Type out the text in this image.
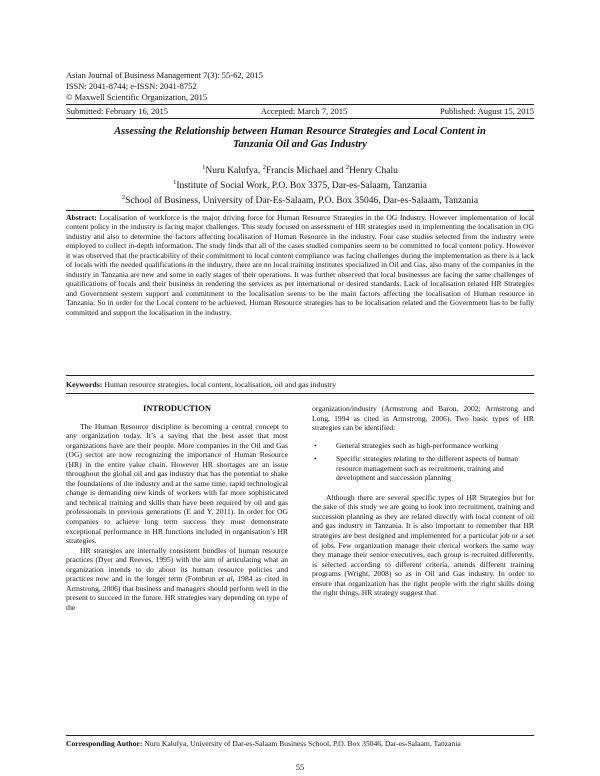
Asian Journal of Business Management 7(3): 55-62, 2015
ISSN: 2041-8744; e-ISSN: 2041-8752
© Maxwell Scientific Organization, 2015
Submitted: February 16, 2015	Accepted: March 7, 2015	Published: August 15, 2015
Assessing the Relationship between Human Resource Strategies and Local Content in
Tanzania Oil and Gas Industry
$^1$Nuru Kalufya, $^2$Francis Michael and $^2$Henry Chalu
$^1$Institute of Social Work, P.O. Box 3375, Dar-es-Salaam, Tanzania
$^2$School of Business, University of Dar-Es-Salaam, P.O. Box 35046, Dar-es-Salaam, Tanzania
Abstract: Localisation of workforce is the major driving force for Human Resource Strategies in the OG Industry. However implementation of local content policy in the industry is facing major challenges. This study focused on assessment of HR strategies used in implementing the localisation in OG industry and also to determine the factors affecting localisation of Human Resource in the industry. Four case studies selected from the industry were employed to collect in-depth information. The study finds that all of the cases studied companies seem to be committed to local content policy. However it was observed that the practicability of their commitment to local content compliance was facing challenges during the implementation as there is a lack of locals with the needed qualifications in the industry, there are no local training institutes specialized in Oil and Gas, also many of the companies in the industry in Tanzania are new and some in early stages of their operations. It was further observed that local businesses are facing the same challenges of qualifications of locals and their business in rendering the services as per international or desired standards. Lack of localisation related HR Strategies and Government system support and commitment to the localisation seems to be the main factors affecting the localisation of Human resource in Tanzania. So in order for the Local content to be achieved, Human Resource strategies has to be localisation related and the Government has to be fully committed and support the localisation in the industry.
Keywords: Human resource strategies, local content, localisation, oil and gas industry
INTRODUCTION

The Human Resource discipline is becoming a central concept to any organization today. It’s a saying that the best asset that most organizations have are their people. More companies in the Oil and Gas (OG) sector are now recognizing the importance of Human Resource (HR) in the entire value chain. However HR shortages are an issue throughout the global oil and gas industry that has the potential to shake the foundations of the industry and at the same time, rapid technological change is demanding new kinds of workers with far more sophisticated and technical training and skills than have been required by oil and gas professionals in previous generations (E and Y, 2011). In order for OG companies to achieve long term success they must demonstrate exceptional performance in HR functions included in organisation’s HR strategies.

HR strategies are internally consistent bundles of human resource practices (Dyer and Reeves, 1995) with the aim of articulating what an organization intends to do about its human resource policies and practices now and in the longer term (Fombrun et al, 1984 as cited in Armstrong, 2006) that business and managers should perform well in the present to succeed in the future. HR strategies vary depending on type of the

organization/industry (Armstrong and Baron, 2002; Armstrong and Long, 1994 as cited in Armstrong, 2006). Two basic types of HR strategies can be identified:

•	General strategies such as high-performance working
•	Specific strategies relating to the different aspects of human resource management such as recruitment, training and development and succession planning

Although there are several specific types of HR Strategies but for the sake of this study we are going to look into recruitment, training and succession planning as they are related directly with local content of oil and gas industry in Tanzania. It is also important to remember that HR strategies are best designed and implemented for a particular job or a set of jobs. Few organization manage their clerical workers the same way they manage their senior executives, each group is recruited differently, is selected according to different criteria, attends different training programs (Wright, 2008) so as in Oil and Gas industry. In order to ensure that organization has the right people with the right skills doing the right things, HR strategy suggest that

Corresponding Author: Nuru Kalufya, University of Dar-es-Salaam Business School, P.O. Box 35046, Dar-es-Salaam, Tanzania
55
